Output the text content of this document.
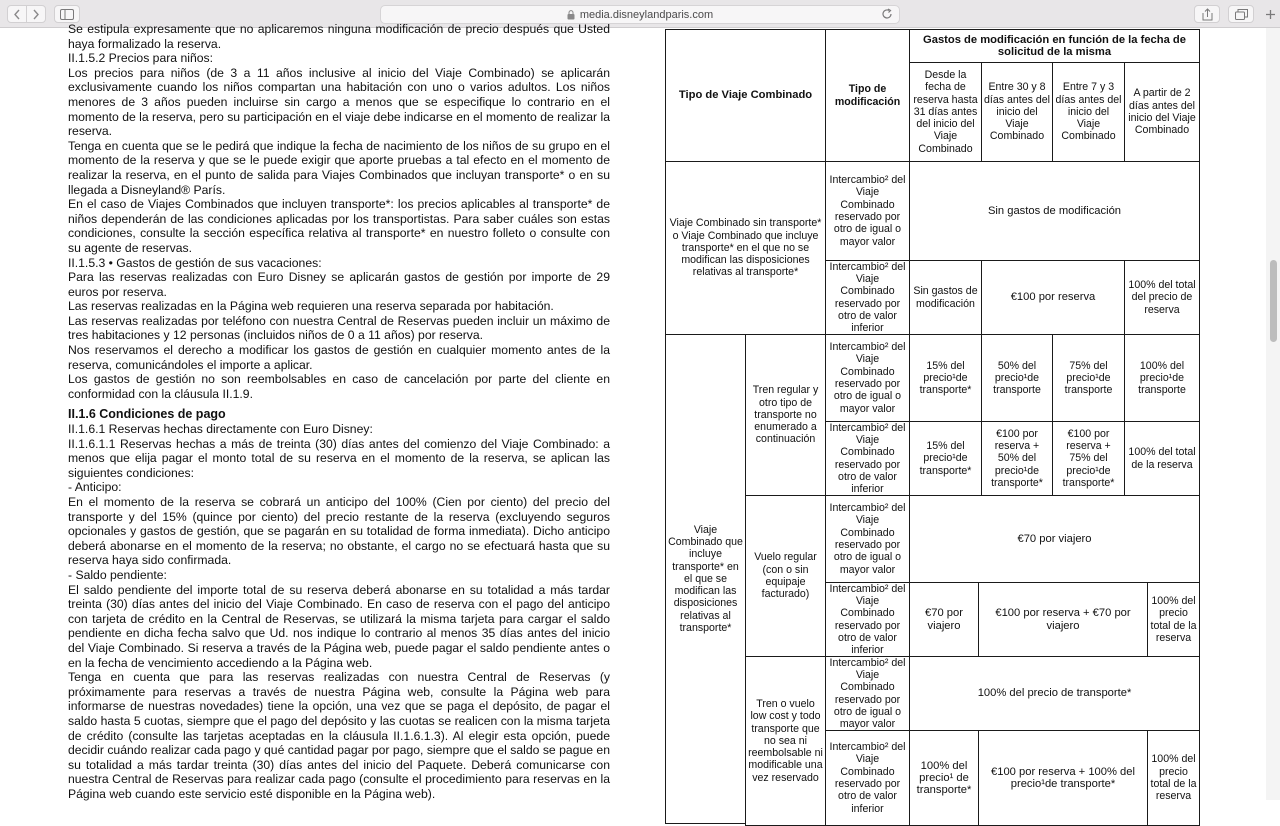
media.disneylandparis.com

Se estipula expresamente que no aplicaremos ninguna modificación de precio después que Usted haya formalizado la reserva.

II.1.5.2 Precios para niños:

Los precios para niños (de 3 a 11 años inclusive al inicio del Viaje Combinado) se aplicarán exclusivamente cuando los niños compartan una habitación con uno o varios adultos. Los niños menores de 3 años pueden incluirse sin cargo a menos que se especifique lo contrario en el momento de la reserva, pero su participación en el viaje debe indicarse en el momento de realizar la reserva.

Tenga en cuenta que se le pedirá que indique la fecha de nacimiento de los niños de su grupo en el momento de la reserva y que se le puede exigir que aporte pruebas a tal efecto en el momento de realizar la reserva, en el punto de salida para Viajes Combinados que incluyan transporte* o en su llegada a Disneyland® París.

En el caso de Viajes Combinados que incluyen transporte*: los precios aplicables al transporte* de niños dependerán de las condiciones aplicadas por los transportistas. Para saber cuáles son estas condiciones, consulte la sección específica relativa al transporte* en nuestro folleto o consulte con su agente de reservas.

II.1.5.3 • Gastos de gestión de sus vacaciones:

Para las reservas realizadas con Euro Disney se aplicarán gastos de gestión por importe de 29 euros por reserva.

Las reservas realizadas en la Página web requieren una reserva separada por habitación.

Las reservas realizadas por teléfono con nuestra Central de Reservas pueden incluir un máximo de tres habitaciones y 12 personas (incluidos niños de 0 a 11 años) por reserva.

Nos reservamos el derecho a modificar los gastos de gestión en cualquier momento antes de la reserva, comunicándoles el importe a aplicar.

Los gastos de gestión no son reembolsables en caso de cancelación por parte del cliente en conformidad con la cláusula II.1.9.

II.1.6 Condiciones de pago

II.1.6.1 Reservas hechas directamente con Euro Disney:

II.1.6.1.1 Reservas hechas a más de treinta (30) días antes del comienzo del Viaje Combinado: a menos que elija pagar el monto total de su reserva en el momento de la reserva, se aplican las siguientes condiciones:

- Anticipo:

En el momento de la reserva se cobrará un anticipo del 100% (Cien por ciento) del precio del transporte y del 15% (quince por ciento) del precio restante de la reserva (excluyendo seguros opcionales y gastos de gestión, que se pagarán en su totalidad de forma inmediata). Dicho anticipo deberá abonarse en el momento de la reserva; no obstante, el cargo no se efectuará hasta que su reserva haya sido confirmada.

- Saldo pendiente:

El saldo pendiente del importe total de su reserva deberá abonarse en su totalidad a más tardar treinta (30) días antes del inicio del Viaje Combinado. En caso de reserva con el pago del anticipo con tarjeta de crédito en la Central de Reservas, se utilizará la misma tarjeta para cargar el saldo pendiente en dicha fecha salvo que Ud. nos indique lo contrario al menos 35 días antes del inicio del Viaje Combinado. Si reserva a través de la Página web, puede pagar el saldo pendiente antes o en la fecha de vencimiento accediendo a la Página web.

Tenga en cuenta que para las reservas realizadas con nuestra Central de Reservas (y próximamente para reservas a través de nuestra Página web, consulte la Página web para informarse de nuestras novedades) tiene la opción, una vez que se paga el depósito, de pagar el saldo hasta 5 cuotas, siempre que el pago del depósito y las cuotas se realicen con la misma tarjeta de crédito (consulte las tarjetas aceptadas en la cláusula II.1.6.1.3). Al elegir esta opción, puede decidir cuándo realizar cada pago y qué cantidad pagar por pago, siempre que el saldo se pague en su totalidad a más tardar treinta (30) días antes del inicio del Paquete. Deberá comunicarse con nuestra Central de Reservas para realizar cada pago (consulte el procedimiento para reservas en la Página web cuando este servicio esté disponible en la Página web).

Tipo de Viaje Combinado
Tipo de modificación
Gastos de modificación en función de la fecha de solicitud de la misma
Desde la fecha de reserva hasta 31 días antes del inicio del Viaje Combinado
Entre 30 y 8 días antes del inicio del Viaje Combinado
Entre 7 y 3 días antes del inicio del Viaje Combinado
A partir de 2 días antes del inicio del Viaje Combinado
Viaje Combinado sin transporte* o Viaje Combinado que incluye transporte* en el que no se modifican las disposiciones relativas al transporte*
Intercambio² del Viaje Combinado reservado por otro de igual o mayor valor
Sin gastos de modificación
Intercambio² del Viaje Combinado reservado por otro de valor inferior
Sin gastos de modificación
€100 por reserva
100% del total del precio de reserva
Viaje Combinado que incluye transporte* en el que se modifican las disposiciones relativas al transporte*
Tren regular y otro tipo de transporte no enumerado a continuación
Intercambio² del Viaje Combinado reservado por otro de igual o mayor valor
15% del precio¹de transporte*
50% del precio¹de transporte
75% del precio¹de transporte
100% del precio¹de transporte
Intercambio² del Viaje Combinado reservado por otro de valor inferior
15% del precio¹de transporte*
€100 por reserva + 50% del precio¹de transporte*
€100 por reserva + 75% del precio¹de transporte*
100% del total de la reserva
Vuelo regular (con o sin equipaje facturado)
Intercambio² del Viaje Combinado reservado por otro de igual o mayor valor
€70 por viajero
Intercambio² del Viaje Combinado reservado por otro de valor inferior
€70 por viajero
€100 por reserva + €70 por viajero
100% del precio total de la reserva
Tren o vuelo low cost y todo transporte que no sea ni reembolsable ni modificable una vez reservado
Intercambio² del Viaje Combinado reservado por otro de igual o mayor valor
100% del precio de transporte*
Intercambio² del Viaje Combinado reservado por otro de valor inferior
100% del precio¹ de transporte*
€100 por reserva + 100% del precio¹de transporte*
100% del precio total de la reserva
